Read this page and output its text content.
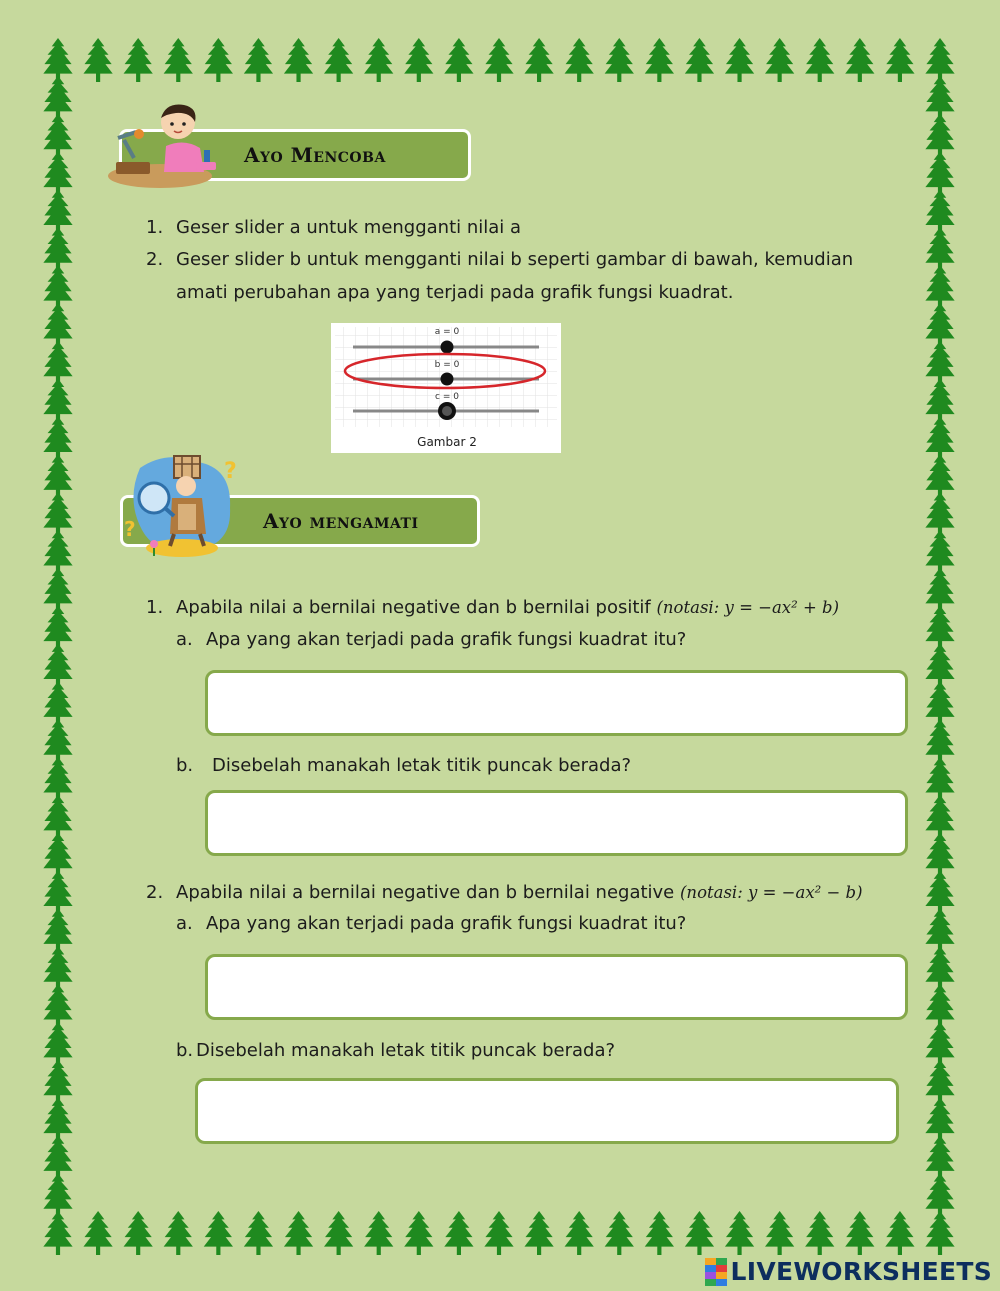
Ayo Mencoba
1. Geser slider a untuk mengganti nilai a
2. Geser slider b untuk mengganti nilai b seperti gambar di bawah, kemudian
amati perubahan apa yang terjadi pada grafik fungsi kuadrat.
a = 0
b = 0
c = 0
Gambar 2
Ayo mengamati
?
?
1. Apabila nilai a bernilai negative dan b bernilai positif (notasi: y = −ax² + b)
a. Apa yang akan terjadi pada grafik fungsi kuadrat itu?
b. Disebelah manakah letak titik puncak berada?
2. Apabila nilai a bernilai negative dan b bernilai negative (notasi: y = −ax² − b)
a. Apa yang akan terjadi pada grafik fungsi kuadrat itu?
b. Disebelah manakah letak titik puncak berada?
LIVEWORKSHEETS
